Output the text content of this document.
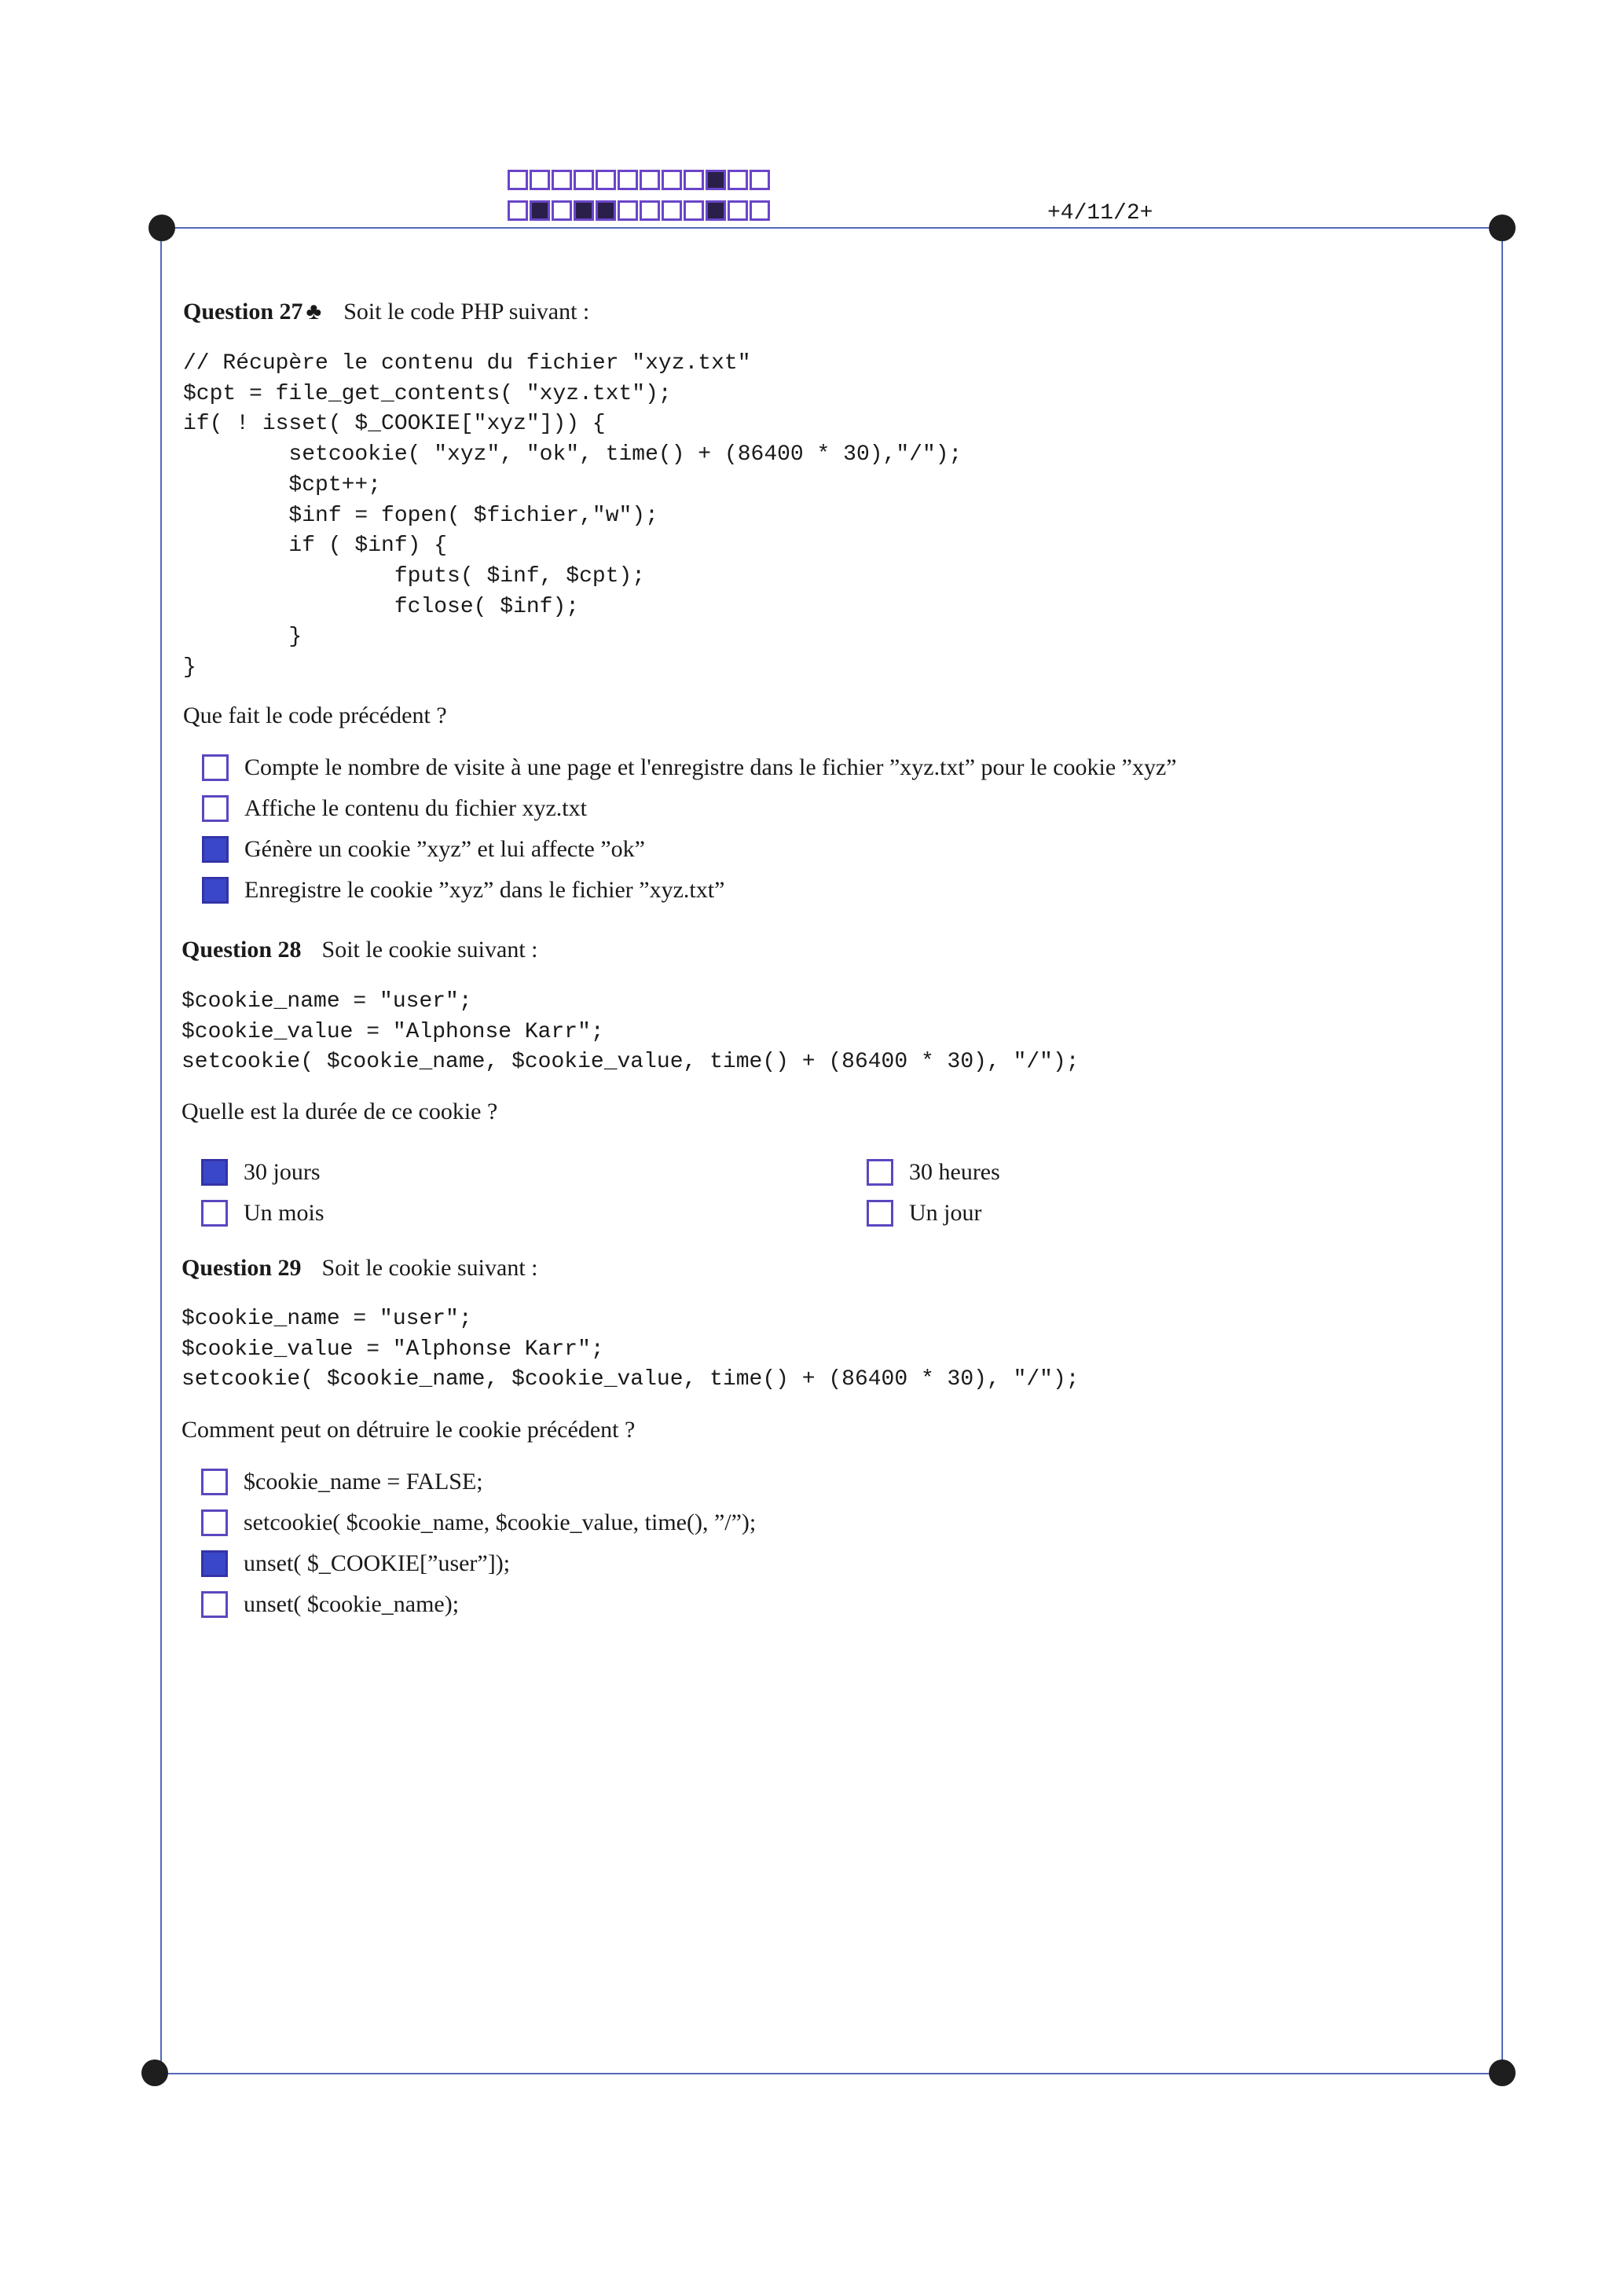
+4/11/2+
Question 27 ♣ Soit le code PHP suivant :
// Récupère le contenu du fichier "xyz.txt"
$cpt = file_get_contents( "xyz.txt");
if( ! isset( $_COOKIE["xyz"])) {
setcookie( "xyz", "ok", time() + (86400 * 30),"/");
$cpt++;
$inf = fopen( $fichier,"w");
if ( $inf) {
fputs( $inf, $cpt);
fclose( $inf);
}
}
Que fait le code précédent ?
Compte le nombre de visite à une page et l'enregistre dans le fichier ”xyz.txt” pour le cookie ”xyz”
Affiche le contenu du fichier xyz.txt
Génère un cookie ”xyz” et lui affecte ”ok”
Enregistre le cookie ”xyz” dans le fichier ”xyz.txt”
Question 28 Soit le cookie suivant :
$cookie_name = "user";
$cookie_value = "Alphonse Karr";
setcookie( $cookie_name, $cookie_value, time() + (86400 * 30), "/");
Quelle est la durée de ce cookie ?
30 jours
Un mois
30 heures
Un jour
Question 29 Soit le cookie suivant :
$cookie_name = "user";
$cookie_value = "Alphonse Karr";
setcookie( $cookie_name, $cookie_value, time() + (86400 * 30), "/");
Comment peut on détruire le cookie précédent ?
$cookie_name = FALSE;
setcookie( $cookie_name, $cookie_value, time(), ”/”);
unset( $_COOKIE[”user”]);
unset( $cookie_name);
